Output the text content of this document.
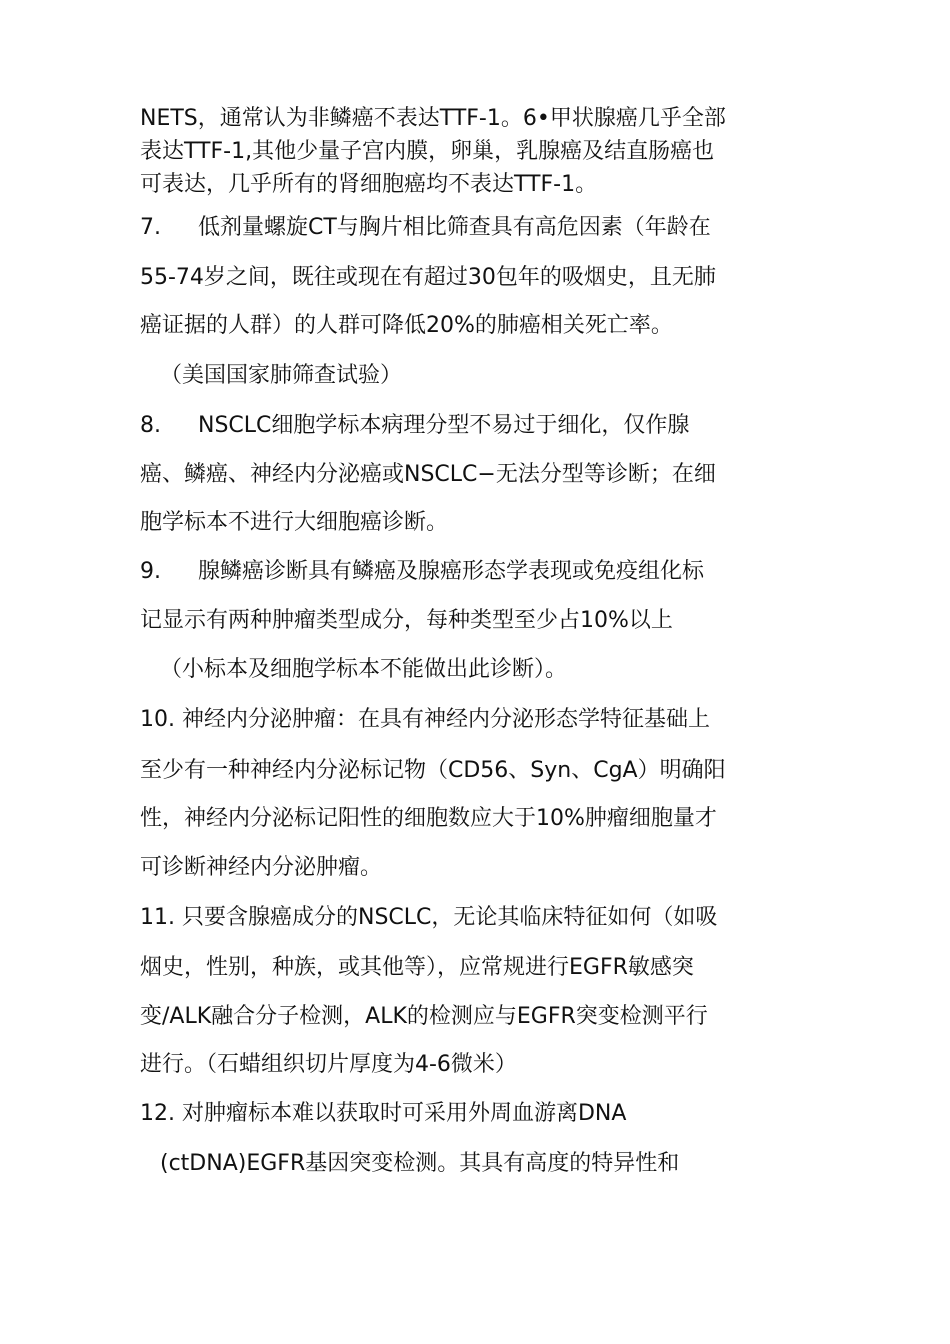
NETS，通常认为非鳞癌不表达TTF-1。6•甲状腺癌几乎全部
表达TTF-1,其他少量子宫内膜，卵巢，乳腺癌及结直肠癌也
可表达，几乎所有的肾细胞癌均不表达TTF-1。
7. 低剂量螺旋CT与胸片相比筛查具有高危因素（年龄在
55-74岁之间，既往或现在有超过30包年的吸烟史，且无肺
癌证据的人群）的人群可降低20%的肺癌相关死亡率。
（美国国家肺筛查试验）
8. NSCLC细胞学标本病理分型不易过于细化，仅作腺
癌、鳞癌、神经内分泌癌或NSCLC−无法分型等诊断；在细
胞学标本不进行大细胞癌诊断。
9. 腺鳞癌诊断具有鳞癌及腺癌形态学表现或免疫组化标
记显示有两种肿瘤类型成分，每种类型至少占10%以上
（小标本及细胞学标本不能做出此诊断）。
10. 神经内分泌肿瘤：在具有神经内分泌形态学特征基础上
至少有一种神经内分泌标记物（CD56、Syn、CgA）明确阳
性，神经内分泌标记阳性的细胞数应大于10%肿瘤细胞量才
可诊断神经内分泌肿瘤。
11. 只要含腺癌成分的NSCLC，无论其临床特征如何（如吸
烟史，性别，种族，或其他等），应常规进行EGFR敏感突
变/ALK融合分子检测，ALK的检测应与EGFR突变检测平行
进行。（石蜡组织切片厚度为4-6微米）
12. 对肿瘤标本难以获取时可采用外周血游离DNA
(ctDNA)EGFR基因突变检测。其具有高度的特异性和
